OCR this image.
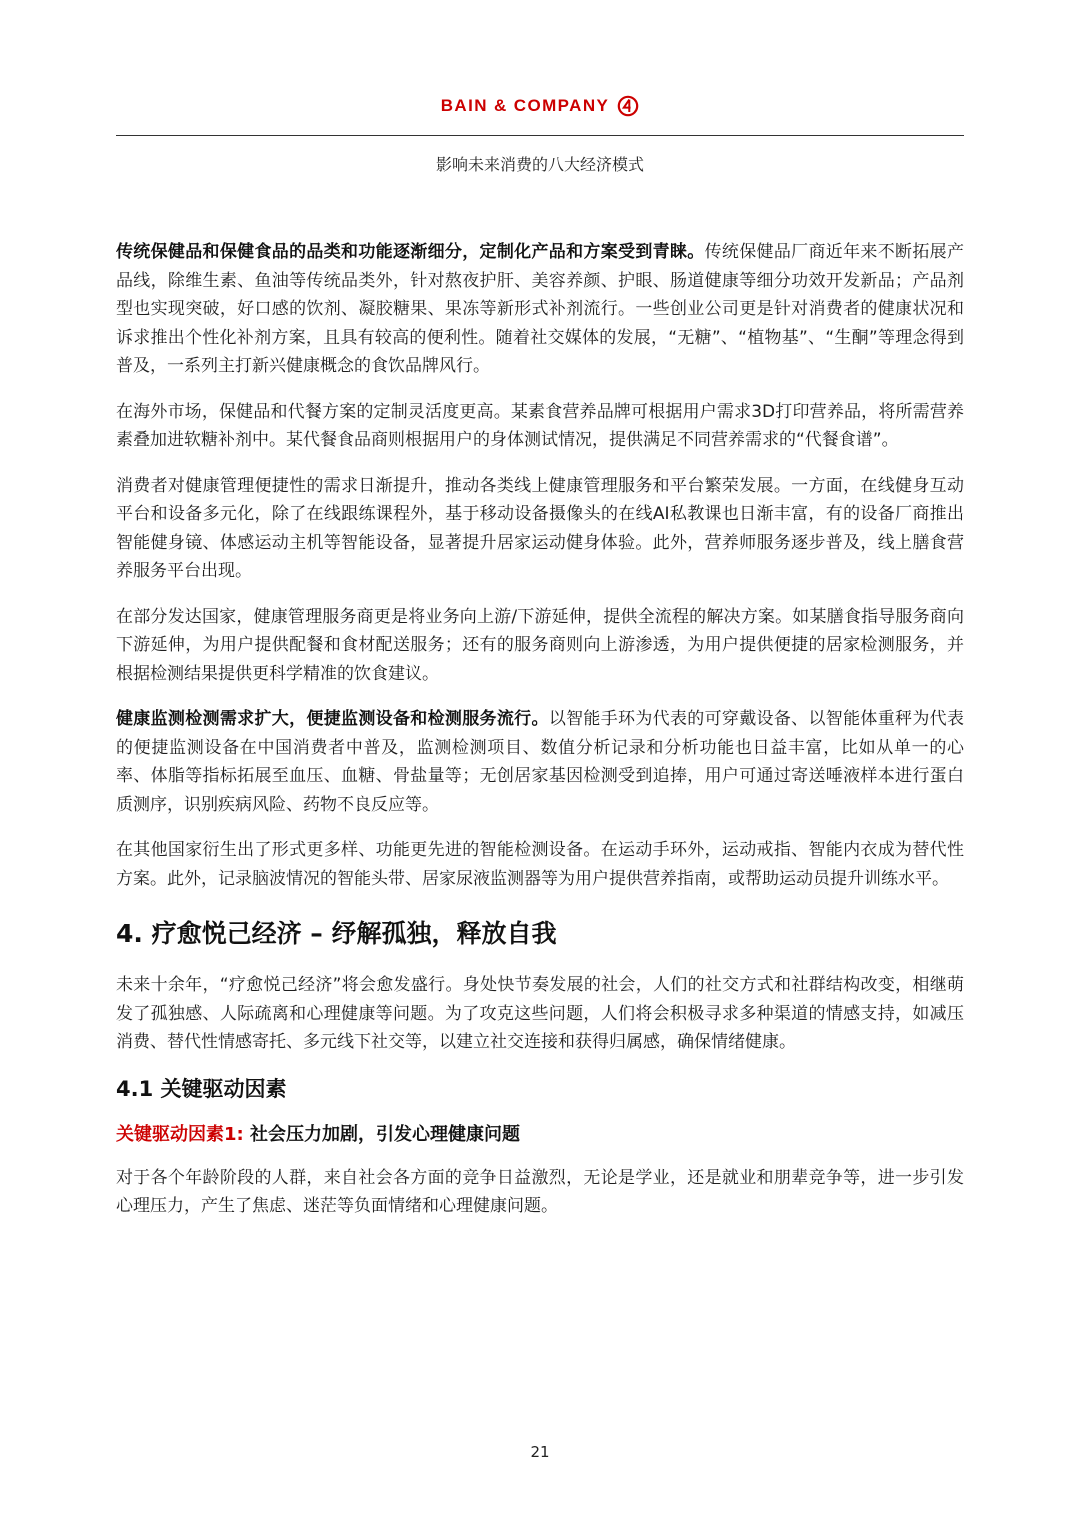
BAIN & COMPANY
影响未来消费的八大经济模式

传统保健品和保健食品的品类和功能逐渐细分，定制化产品和方案受到青睐。传统保健品厂商近年来不断拓展产品线，除维生素、鱼油等传统品类外，针对熬夜护肝、美容养颜、护眼、肠道健康等细分功效开发新品；产品剂型也实现突破，好口感的饮剂、凝胶糖果、果冻等新形式补剂流行。一些创业公司更是针对消费者的健康状况和诉求推出个性化补剂方案，且具有较高的便利性。随着社交媒体的发展，“无糖”、“植物基”、“生酮”等理念得到普及，一系列主打新兴健康概念的食饮品牌风行。

在海外市场，保健品和代餐方案的定制灵活度更高。某素食营养品牌可根据用户需求3D打印营养品，将所需营养素叠加进软糖补剂中。某代餐食品商则根据用户的身体测试情况，提供满足不同营养需求的“代餐食谱”。

消费者对健康管理便捷性的需求日渐提升，推动各类线上健康管理服务和平台繁荣发展。一方面，在线健身互动平台和设备多元化，除了在线跟练课程外，基于移动设备摄像头的在线AI私教课也日渐丰富，有的设备厂商推出智能健身镜、体感运动主机等智能设备，显著提升居家运动健身体验。此外，营养师服务逐步普及，线上膳食营养服务平台出现。

在部分发达国家，健康管理服务商更是将业务向上游/下游延伸，提供全流程的解决方案。如某膳食指导服务商向下游延伸，为用户提供配餐和食材配送服务；还有的服务商则向上游渗透，为用户提供便捷的居家检测服务，并根据检测结果提供更科学精准的饮食建议。

健康监测检测需求扩大，便捷监测设备和检测服务流行。以智能手环为代表的可穿戴设备、以智能体重秤为代表的便捷监测设备在中国消费者中普及，监测检测项目、数值分析记录和分析功能也日益丰富，比如从单一的心率、体脂等指标拓展至血压、血糖、骨盐量等；无创居家基因检测受到追捧，用户可通过寄送唾液样本进行蛋白质测序，识别疾病风险、药物不良反应等。

在其他国家衍生出了形式更多样、功能更先进的智能检测设备。在运动手环外，运动戒指、智能内衣成为替代性方案。此外，记录脑波情况的智能头带、居家尿液监测器等为用户提供营养指南，或帮助运动员提升训练水平。

4. 疗愈悦己经济 – 纾解孤独，释放自我

未来十余年，“疗愈悦己经济”将会愈发盛行。身处快节奏发展的社会，人们的社交方式和社群结构改变，相继萌发了孤独感、人际疏离和心理健康等问题。为了攻克这些问题，人们将会积极寻求多种渠道的情感支持，如减压消费、替代性情感寄托、多元线下社交等，以建立社交连接和获得归属感，确保情绪健康。

4.1 关键驱动因素
关键驱动因素1: 社会压力加剧，引发心理健康问题

对于各个年龄阶段的人群，来自社会各方面的竞争日益激烈，无论是学业，还是就业和朋辈竞争等，进一步引发心理压力，产生了焦虑、迷茫等负面情绪和心理健康问题。

21
